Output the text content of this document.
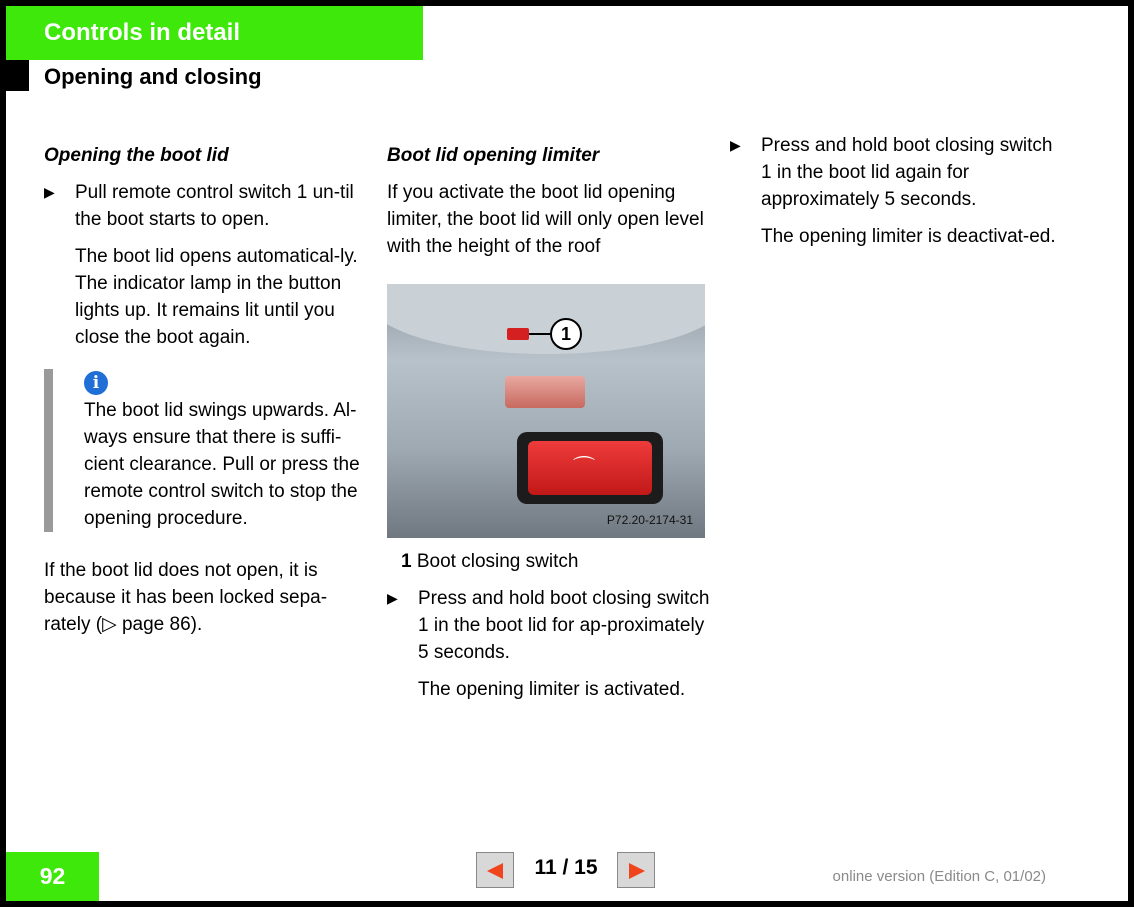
Controls in detail
Opening and closing
Opening the boot lid
▶ Pull remote control switch 1 un-til the boot starts to open.
The boot lid opens automatical-ly.
The indicator lamp in the button lights up. It remains lit until you close the boot again.
i
The boot lid swings upwards. Al-ways ensure that there is suffi-cient clearance. Pull or press the remote control switch to stop the opening procedure.

If the boot lid does not open, it is because it has been locked sepa-rately (▷ page 86).

Boot lid opening limiter

If you activate the boot lid opening limiter, the boot lid will only open level with the height of the roof

1
⌒
P72.20-2174-31
1 Boot closing switch
▶ Press and hold boot closing switch 1 in the boot lid for ap-proximately 5 seconds.
The opening limiter is activated.
▶ Press and hold boot closing switch 1 in the boot lid again for approximately 5 seconds.
The opening limiter is deactivat-ed.
92	11 / 15	online version (Edition C, 01/02)
